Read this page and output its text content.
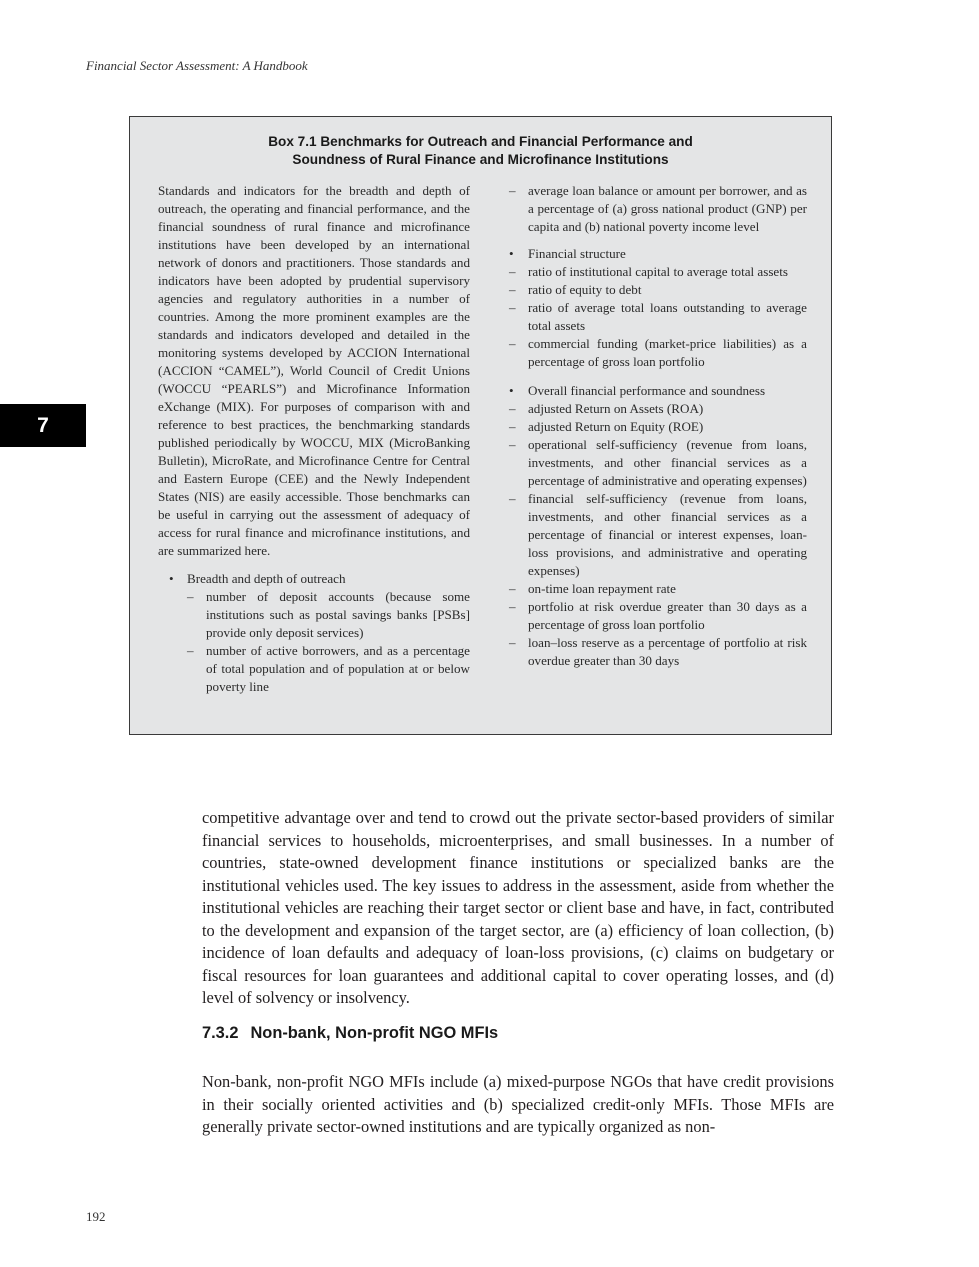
Financial Sector Assessment: A Handbook
7
Box 7.1 Benchmarks for Outreach and Financial Performance and
Soundness of Rural Finance and Microfinance Institutions

Standards and indicators for the breadth and depth of outreach, the operating and financial performance, and the financial soundness of rural finance and microfinance institutions have been developed by an international network of donors and practitioners. Those standards and indicators have been adopted by prudential supervisory agencies and regulatory authorities in a number of countries. Among the more prominent examples are the standards and indicators developed and detailed in the monitoring systems developed by ACCION International (ACCION “CAMEL”), World Council of Credit Unions (WOCCU “PEARLS”) and Microfinance Information eXchange (MIX). For purposes of comparison with and reference to best practices, the benchmarking standards published periodically by WOCCU, MIX (MicroBanking Bulletin), MicroRate, and Microfinance Centre for Central and Eastern Europe (CEE) and the Newly Independent States (NIS) are easily accessible. Those benchmarks can be useful in carrying out the assessment of adequacy of access for rural finance and microfinance institutions, and are summarized here.

• Breadth and depth of outreach
– number of deposit accounts (because some institutions such as postal savings banks [PSBs] provide only deposit services)
– number of active borrowers, and as a percentage of total population and of population at or below poverty line
– average loan balance or amount per borrower, and as a percentage of (a) gross national product (GNP) per capita and (b) national poverty income level
• Financial structure
– ratio of institutional capital to average total assets
– ratio of equity to debt
– ratio of average total loans outstanding to average total assets
– commercial funding (market-price liabilities) as a percentage of gross loan portfolio
• Overall financial performance and soundness
– adjusted Return on Assets (ROA)
– adjusted Return on Equity (ROE)
– operational self-sufficiency (revenue from loans, investments, and other financial services as a percentage of administrative and operating expenses)
– financial self-sufficiency (revenue from loans, investments, and other financial services as a percentage of financial or interest expenses, loan-loss provisions, and administrative and operating expenses)
– on-time loan repayment rate
– portfolio at risk overdue greater than 30 days as a percentage of gross loan portfolio
– loan–loss reserve as a percentage of portfolio at risk overdue greater than 30 days

competitive advantage over and tend to crowd out the private sector-based providers of similar financial services to households, microenterprises, and small businesses. In a number of countries, state-owned development finance institutions or specialized banks are the institutional vehicles used. The key issues to address in the assessment, aside from whether the institutional vehicles are reaching their target sector or client base and have, in fact, contributed to the development and expansion of the target sector, are (a) efficiency of loan collection, (b) incidence of loan defaults and adequacy of loan-loss provisions, (c) claims on budgetary or fiscal resources for loan guarantees and additional capital to cover operating losses, and (d) level of solvency or insolvency.

7.3.2 Non-bank, Non-profit NGO MFIs

Non-bank, non-profit NGO MFIs include (a) mixed-purpose NGOs that have credit provisions in their socially oriented activities and (b) specialized credit-only MFIs. Those MFIs are generally private sector-owned institutions and are typically organized as non-

192
